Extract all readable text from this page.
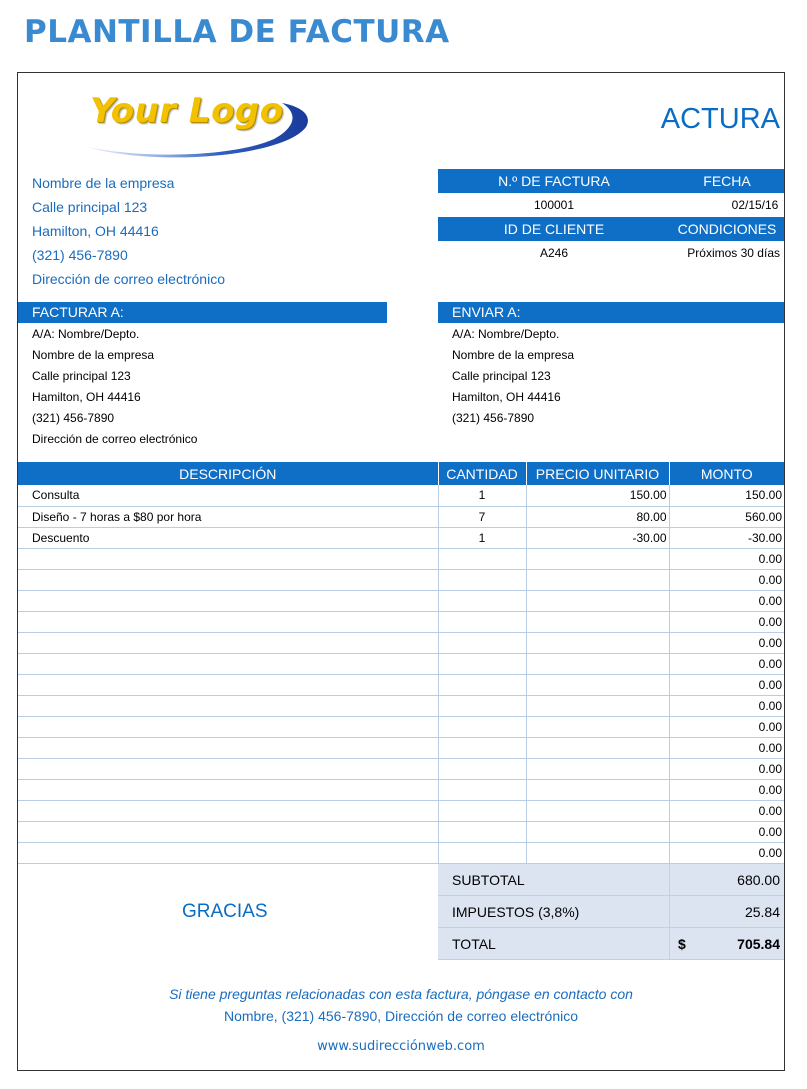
PLANTILLA DE FACTURA
Your Logo	ACTURA
Nombre de la empresa
Calle principal 123
Hamilton, OH 44416
(321) 456-7890
Dirección de correo electrónico
N.º DE FACTURA	FECHA
100001	02/15/16
ID DE CLIENTE	CONDICIONES
A246	Próximos 30 días
FACTURAR A:
A/A: Nombre/Depto.
Nombre de la empresa
Calle principal 123
Hamilton, OH 44416
(321) 456-7890
Dirección de correo electrónico
ENVIAR A:
A/A: Nombre/Depto.
Nombre de la empresa
Calle principal 123
Hamilton, OH 44416
(321) 456-7890
DESCRIPCIÓN	CANTIDAD	PRECIO UNITARIO	MONTO
Consulta	1	150.00	150.00
Diseño - 7 horas a $80 por hora	7	80.00	560.00
Descuento	1	-30.00	-30.00
			0.00
			0.00
			0.00
			0.00
			0.00
			0.00
			0.00
			0.00
			0.00
			0.00
			0.00
			0.00
			0.00
			0.00
			0.00
GRACIAS
SUBTOTAL	680.00
IMPUESTOS (3,8%)	25.84
TOTAL	$	705.84
Si tiene preguntas relacionadas con esta factura, póngase en contacto con
Nombre, (321) 456-7890, Dirección de correo electrónico
www.sudirecciónweb.com
